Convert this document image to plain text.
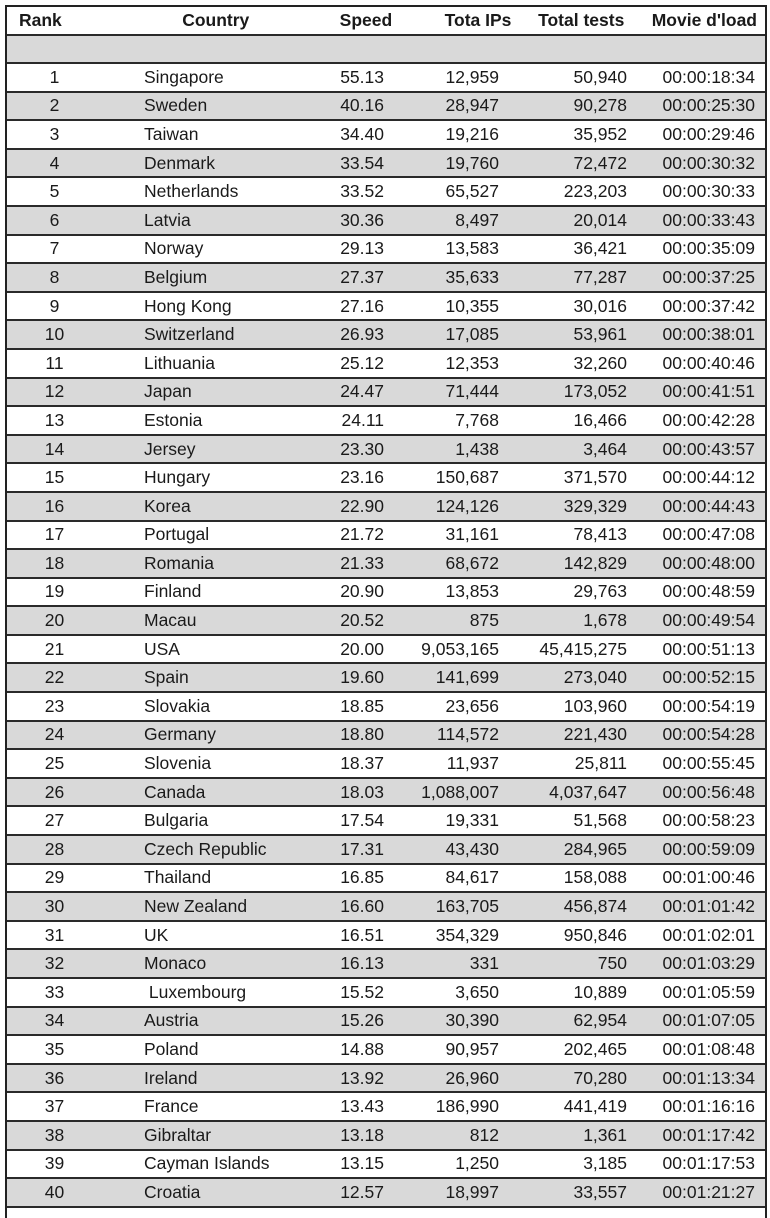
Rank	Country	Speed	Tota IPs	Total tests	Movie d'load
1	Singapore	55.13	12,959	50,940	00:00:18:34
2	Sweden	40.16	28,947	90,278	00:00:25:30
3	Taiwan	34.40	19,216	35,952	00:00:29:46
4	Denmark	33.54	19,760	72,472	00:00:30:32
5	Netherlands	33.52	65,527	223,203	00:00:30:33
6	Latvia	30.36	8,497	20,014	00:00:33:43
7	Norway	29.13	13,583	36,421	00:00:35:09
8	Belgium	27.37	35,633	77,287	00:00:37:25
9	Hong Kong	27.16	10,355	30,016	00:00:37:42
10	Switzerland	26.93	17,085	53,961	00:00:38:01
11	Lithuania	25.12	12,353	32,260	00:00:40:46
12	Japan	24.47	71,444	173,052	00:00:41:51
13	Estonia	24.11	7,768	16,466	00:00:42:28
14	Jersey	23.30	1,438	3,464	00:00:43:57
15	Hungary	23.16	150,687	371,570	00:00:44:12
16	Korea	22.90	124,126	329,329	00:00:44:43
17	Portugal	21.72	31,161	78,413	00:00:47:08
18	Romania	21.33	68,672	142,829	00:00:48:00
19	Finland	20.90	13,853	29,763	00:00:48:59
20	Macau	20.52	875	1,678	00:00:49:54
21	USA	20.00	9,053,165	45,415,275	00:00:51:13
22	Spain	19.60	141,699	273,040	00:00:52:15
23	Slovakia	18.85	23,656	103,960	00:00:54:19
24	Germany	18.80	114,572	221,430	00:00:54:28
25	Slovenia	18.37	11,937	25,811	00:00:55:45
26	Canada	18.03	1,088,007	4,037,647	00:00:56:48
27	Bulgaria	17.54	19,331	51,568	00:00:58:23
28	Czech Republic	17.31	43,430	284,965	00:00:59:09
29	Thailand	16.85	84,617	158,088	00:01:00:46
30	New Zealand	16.60	163,705	456,874	00:01:01:42
31	UK	16.51	354,329	950,846	00:01:02:01
32	Monaco	16.13	331	750	00:01:03:29
33	Luxembourg	15.52	3,650	10,889	00:01:05:59
34	Austria	15.26	30,390	62,954	00:01:07:05
35	Poland	14.88	90,957	202,465	00:01:08:48
36	Ireland	13.92	26,960	70,280	00:01:13:34
37	France	13.43	186,990	441,419	00:01:16:16
38	Gibraltar	13.18	812	1,361	00:01:17:42
39	Cayman Islands	13.15	1,250	3,185	00:01:17:53
40	Croatia	12.57	18,997	33,557	00:01:21:27
